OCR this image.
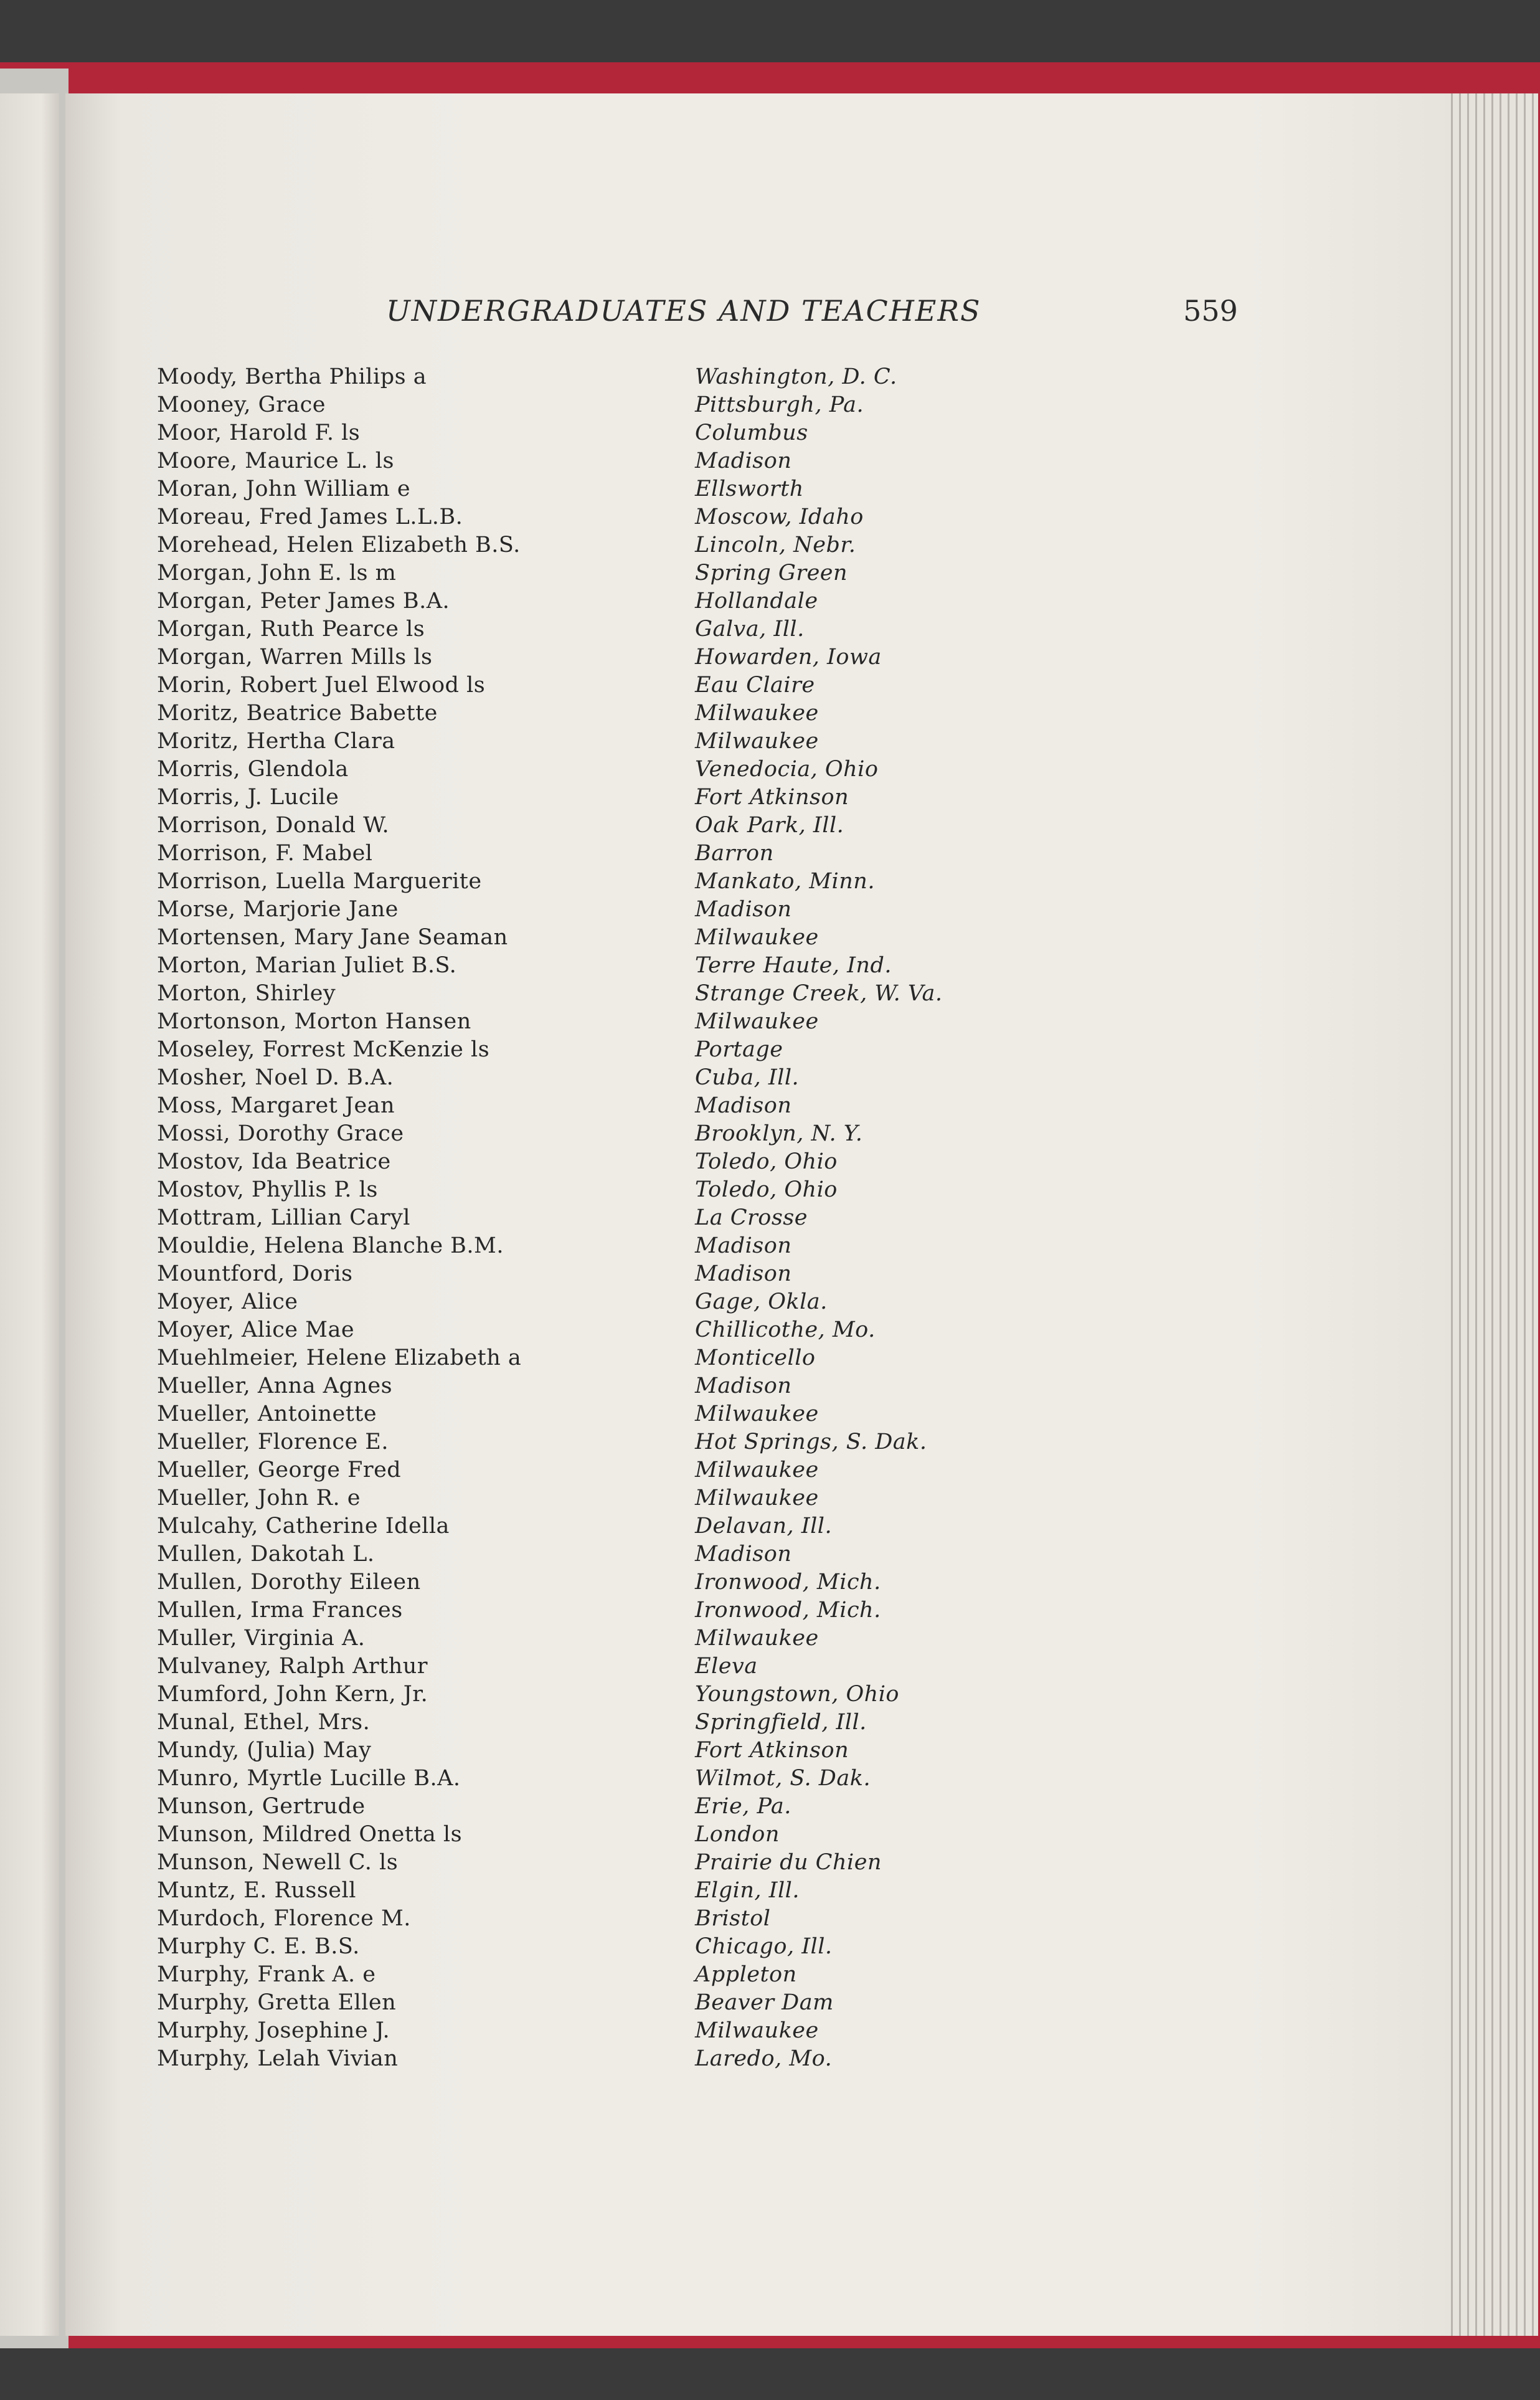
UNDERGRADUATES AND TEACHERS	559
Moody, Bertha Philips a	Washington, D. C.
Mooney, Grace	Pittsburgh, Pa.
Moor, Harold F. ls	Columbus
Moore, Maurice L. ls	Madison
Moran, John William e	Ellsworth
Moreau, Fred James L.L.B.	Moscow, Idaho
Morehead, Helen Elizabeth B.S.	Lincoln, Nebr.
Morgan, John E. ls m	Spring Green
Morgan, Peter James B.A.	Hollandale
Morgan, Ruth Pearce ls	Galva, Ill.
Morgan, Warren Mills ls	Howarden, Iowa
Morin, Robert Juel Elwood ls	Eau Claire
Moritz, Beatrice Babette	Milwaukee
Moritz, Hertha Clara	Milwaukee
Morris, Glendola	Venedocia, Ohio
Morris, J. Lucile	Fort Atkinson
Morrison, Donald W.	Oak Park, Ill.
Morrison, F. Mabel	Barron
Morrison, Luella Marguerite	Mankato, Minn.
Morse, Marjorie Jane	Madison
Mortensen, Mary Jane Seaman	Milwaukee
Morton, Marian Juliet B.S.	Terre Haute, Ind.
Morton, Shirley	Strange Creek, W. Va.
Mortonson, Morton Hansen	Milwaukee
Moseley, Forrest McKenzie ls	Portage
Mosher, Noel D. B.A.	Cuba, Ill.
Moss, Margaret Jean	Madison
Mossi, Dorothy Grace	Brooklyn, N. Y.
Mostov, Ida Beatrice	Toledo, Ohio
Mostov, Phyllis P. ls	Toledo, Ohio
Mottram, Lillian Caryl	La Crosse
Mouldie, Helena Blanche B.M.	Madison
Mountford, Doris	Madison
Moyer, Alice	Gage, Okla.
Moyer, Alice Mae	Chillicothe, Mo.
Muehlmeier, Helene Elizabeth a	Monticello
Mueller, Anna Agnes	Madison
Mueller, Antoinette	Milwaukee
Mueller, Florence E.	Hot Springs, S. Dak.
Mueller, George Fred	Milwaukee
Mueller, John R. e	Milwaukee
Mulcahy, Catherine Idella	Delavan, Ill.
Mullen, Dakotah L.	Madison
Mullen, Dorothy Eileen	Ironwood, Mich.
Mullen, Irma Frances	Ironwood, Mich.
Muller, Virginia A.	Milwaukee
Mulvaney, Ralph Arthur	Eleva
Mumford, John Kern, Jr.	Youngstown, Ohio
Munal, Ethel, Mrs.	Springfield, Ill.
Mundy, (Julia) May	Fort Atkinson
Munro, Myrtle Lucille B.A.	Wilmot, S. Dak.
Munson, Gertrude	Erie, Pa.
Munson, Mildred Onetta ls	London
Munson, Newell C. ls	Prairie du Chien
Muntz, E. Russell	Elgin, Ill.
Murdoch, Florence M.	Bristol
Murphy C. E. B.S.	Chicago, Ill.
Murphy, Frank A. e	Appleton
Murphy, Gretta Ellen	Beaver Dam
Murphy, Josephine J.	Milwaukee
Murphy, Lelah Vivian	Laredo, Mo.
